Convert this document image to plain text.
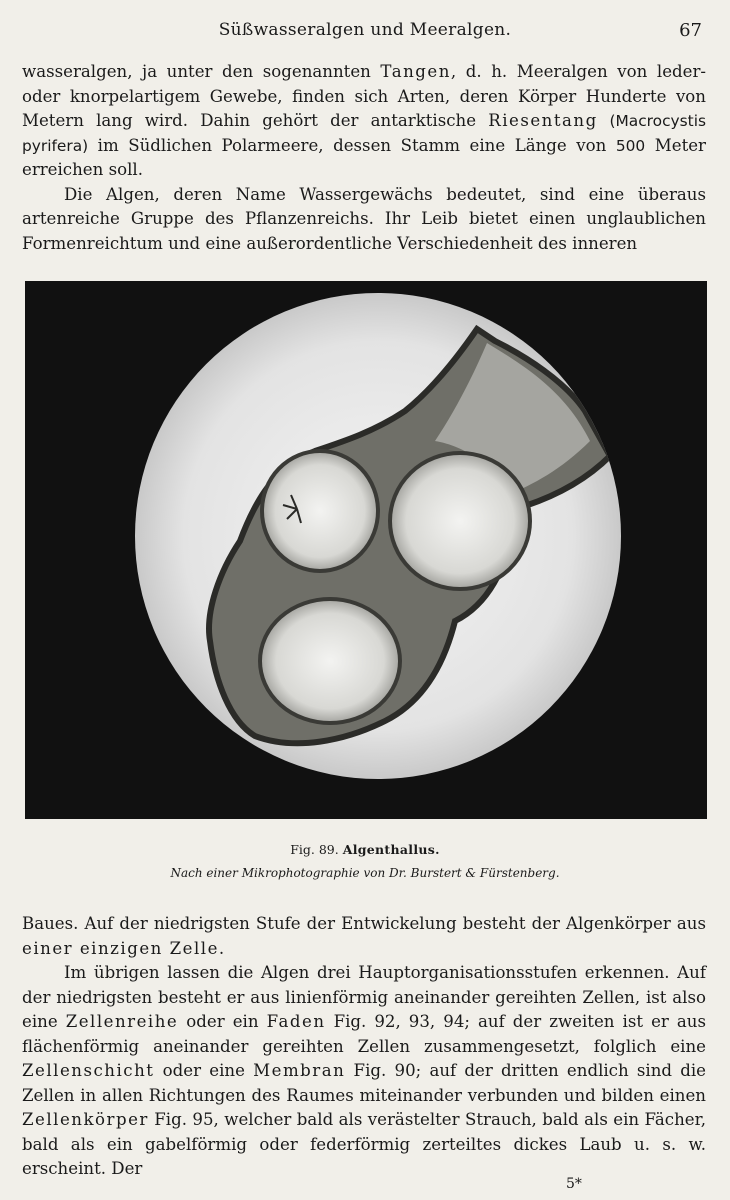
Süßwasseralgen und Meeralgen.	67

wasseralgen, ja unter den sogenannten Tangen, d. h. Meeralgen von leder- oder knorpelartigem Gewebe, finden sich Arten, deren Körper Hunderte von Metern lang wird. Dahin gehört der antarktische Riesentang (Macrocystis pyrifera) im Südlichen Polarmeere, dessen Stamm eine Länge von 500 Meter erreichen soll.

Die Algen, deren Name Wassergewächs bedeutet, sind eine überaus artenreiche Gruppe des Pflanzenreichs. Ihr Leib bietet einen unglaublichen Formenreichtum und eine außerordentliche Verschiedenheit des inneren

Fig. 89. Algenthallus.
Nach einer Mikrophotographie von Dr. Burstert & Fürstenberg.

Baues. Auf der niedrigsten Stufe der Entwickelung besteht der Algenkörper aus einer einzigen Zelle.

Im übrigen lassen die Algen drei Hauptorganisationsstufen erkennen. Auf der niedrigsten besteht er aus linienförmig aneinander gereihten Zellen, ist also eine Zellenreihe oder ein Faden Fig. 92, 93, 94; auf der zweiten ist er aus flächenförmig aneinander gereihten Zellen zusammengesetzt, folglich eine Zellenschicht oder eine Membran Fig. 90; auf der dritten endlich sind die Zellen in allen Richtungen des Raumes miteinander verbunden und bilden einen Zellenkörper Fig. 95, welcher bald als verästelter Strauch, bald als ein Fächer, bald als ein gabelförmig oder federförmig zerteiltes dickes Laub u. s. w. erscheint. Der

5*
